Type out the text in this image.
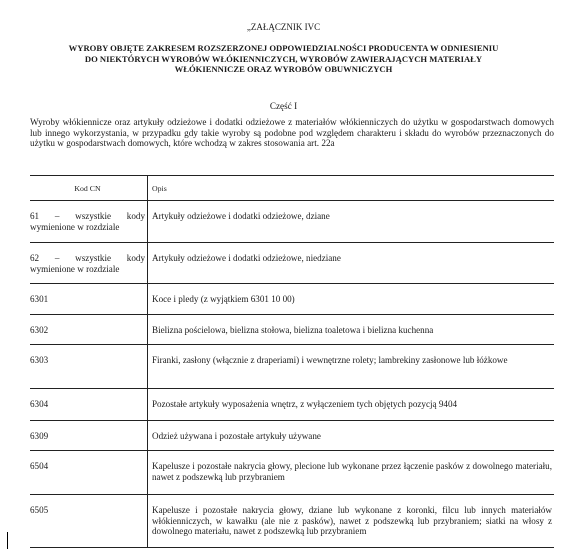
„ZAŁĄCZNIK IVC
WYROBY OBJĘTE ZAKRESEM ROZSZERZONEJ ODPOWIEDZIALNOŚCI PRODUCENTA W ODNIESIENIU
DO NIEKTÓRYCH WYROBÓW WŁÓKIENNICZYCH, WYROBÓW ZAWIERAJĄCYCH MATERIAŁY
WŁÓKIENNICZE ORAZ WYROBÓW OBUWNICZYCH
Część I
Wyroby włókiennicze oraz artykuły odzieżowe i dodatki odzieżowe z materiałów włókienniczych do użytku w gospodarstwach domowych lub innego wykorzystania, w przypadku gdy takie wyroby są podobne pod względem charakteru i składu do wyrobów przeznaczonych do użytku w gospodarstwach domowych, które wchodzą w zakres stosowania art. 22a
Kod CN	Opis
61 – wszystkie kody wymienione w rozdziale	Artykuły odzieżowe i dodatki odzieżowe, dziane
62 – wszystkie kody wymienione w rozdziale	Artykuły odzieżowe i dodatki odzieżowe, niedziane
6301	Koce i pledy (z wyjątkiem 6301 10 00)
6302	Bielizna pościelowa, bielizna stołowa, bielizna toaletowa i bielizna kuchenna
6303	Firanki, zasłony (włącznie z draperiami) i wewnętrzne rolety; lambrekiny zasłonowe lub łóżkowe
6304	Pozostałe artykuły wyposażenia wnętrz, z wyłączeniem tych objętych pozycją 9404
6309	Odzież używana i pozostałe artykuły używane
6504	Kapelusze i pozostałe nakrycia głowy, plecione lub wykonane przez łączenie pasków z dowolnego materiału, nawet z podszewką lub przybraniem
6505	Kapelusze i pozostałe nakrycia głowy, dziane lub wykonane z koronki, filcu lub innych materiałów włókienniczych, w kawałku (ale nie z pasków), nawet z podszewką lub przybraniem; siatki na włosy z dowolnego materiału, nawet z podszewką lub przybraniem
